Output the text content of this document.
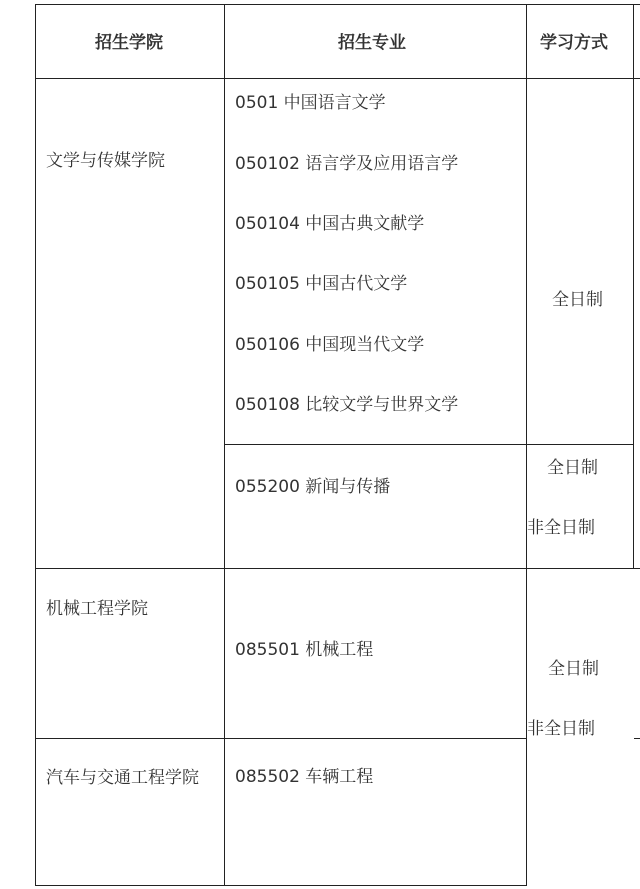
招生学院	招生专业	学习方式
文学与传媒学院
机械工程学院
汽车与交通工程学院
0501 中国语言文学
050102 语言学及应用语言学
050104 中国古典文献学
050105 中国古代文学
050106 中国现当代文学
050108 比较文学与世界文学
055200 新闻与传播
085501 机械工程
085502 车辆工程
全日制
全日制
非全日制
全日制
非全日制
